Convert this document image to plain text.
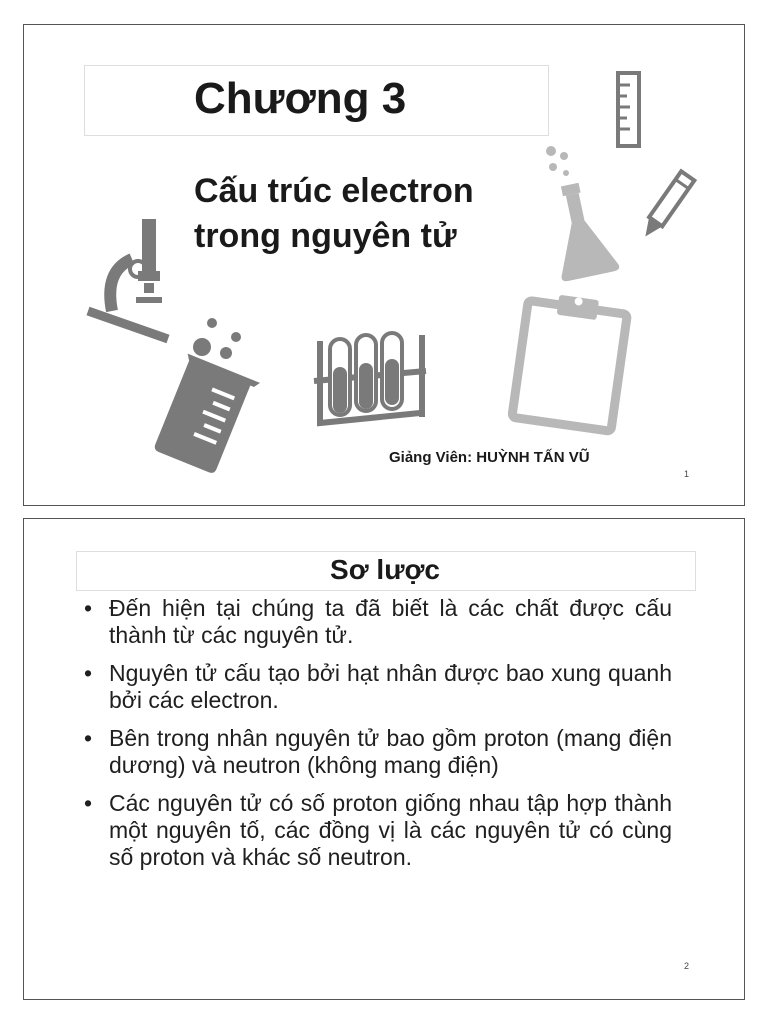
Chương 3
Cấu trúc electron
trong nguyên tử
Giảng Viên: HUỲNH TẤN VŨ
1
Sơ lược
• Đến hiện tại chúng ta đã biết là các chất được cấu thành từ các nguyên tử.
• Nguyên tử cấu tạo bởi hạt nhân được bao xung quanh bởi các electron.
• Bên trong nhân nguyên tử bao gồm proton (mang điện dương) và neutron (không mang điện)
• Các nguyên tử có số proton giống nhau tập hợp thành một nguyên tố, các đồng vị là các nguyên tử có cùng số proton và khác số neutron.
2
